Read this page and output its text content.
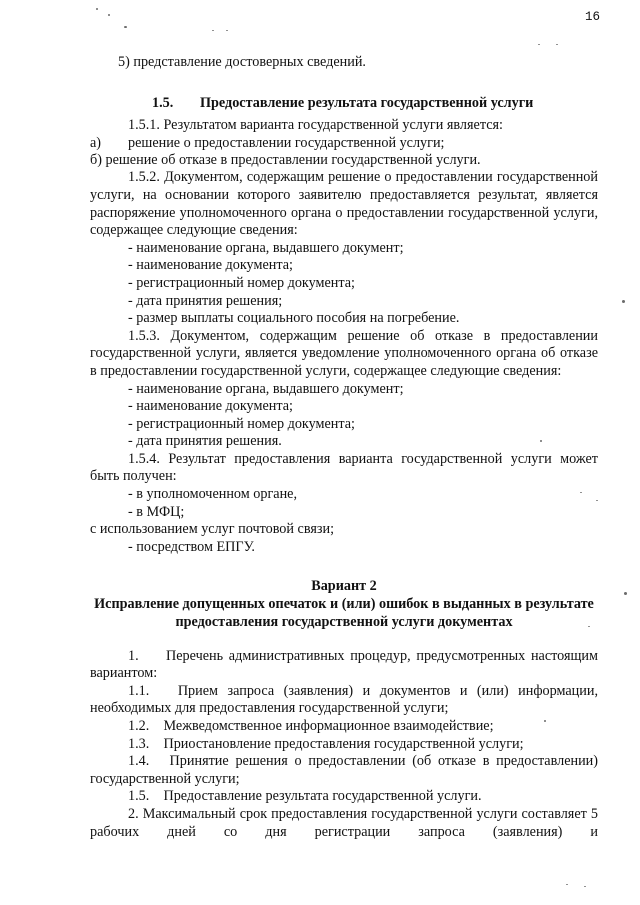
16

5) представление достоверных сведений.

1.5. Предоставление результата государственной услуги

1.5.1. Результатом варианта государственной услуги является:

а)	решение о предоставлении государственной услуги;

б) решение об отказе в предоставлении государственной услуги.

1.5.2. Документом, содержащим решение о предоставлении государственной услуги, на основании которого заявителю предоставляется результат, является распоряжение уполномоченного органа о предоставлении государственной услуги, содержащее следующие сведения:

- наименование органа, выдавшего документ;

- наименование документа;

- регистрационный номер документа;

- дата принятия решения;

- размер выплаты социального пособия на погребение.

1.5.3. Документом, содержащим решение об отказе в предоставлении государственной услуги, является уведомление уполномоченного органа об отказе в предоставлении государственной услуги, содержащее следующие сведения:

- наименование органа, выдавшего документ;

- наименование документа;

- регистрационный номер документа;

- дата принятия решения.

1.5.4. Результат предоставления варианта государственной услуги может быть получен:

- в уполномоченном органе,

- в МФЦ;

с использованием услуг почтовой связи;

- посредством ЕПГУ.

Вариант 2

Исправление допущенных опечаток и (или) ошибок в выданных в результате предоставления государственной услуги документах

1.	Перечень административных процедур, предусмотренных настоящим вариантом:

1.1. Прием запроса (заявления) и документов и (или) информации, необходимых для предоставления государственной услуги;

1.2. Межведомственное информационное взаимодействие;

1.3. Приостановление предоставления государственной услуги;

1.4. Принятие решения о предоставлении (об отказе в предоставлении) государственной услуги;

1.5. Предоставление результата государственной услуги.

2. Максимальный срок предоставления государственной услуги составляет 5 рабочих дней со дня регистрации запроса (заявления) и
